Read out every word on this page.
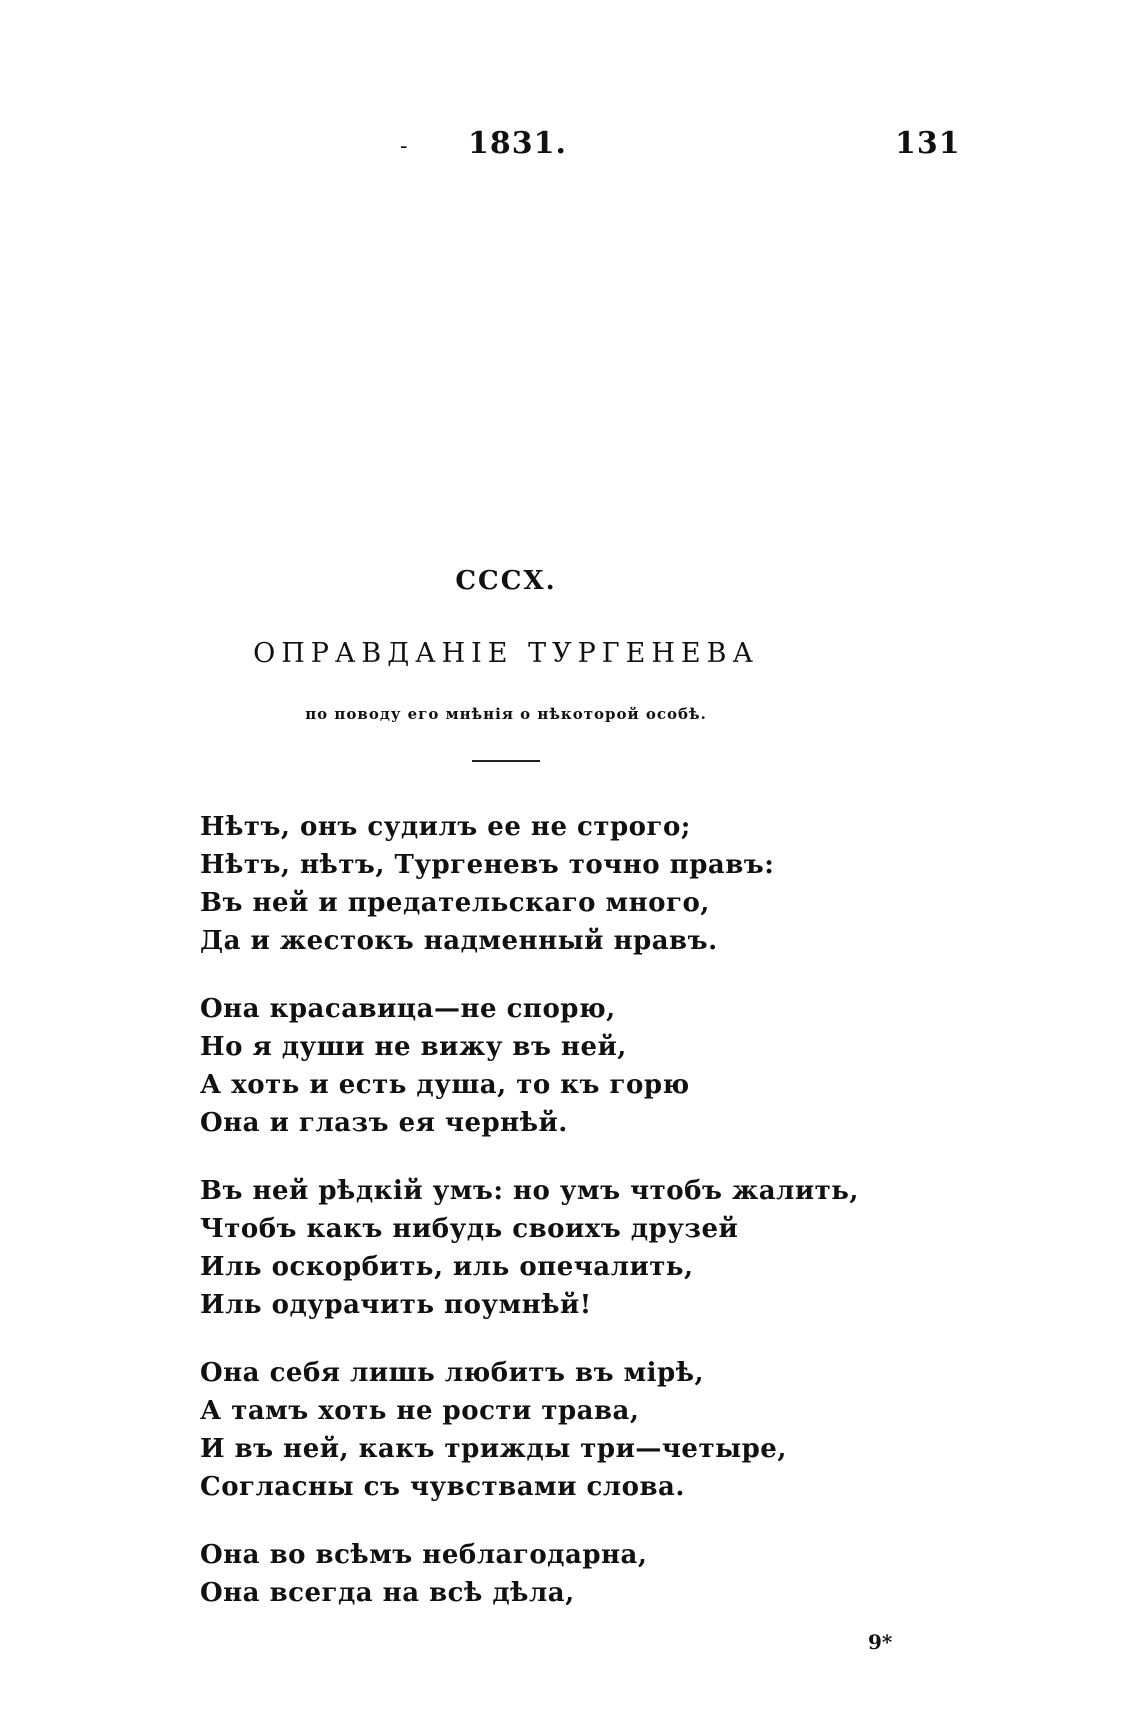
- 1831.	131
CCCX.
ОПРАВДАНІЕ ТУРГЕНЕВА
по поводу его мнѣнія о нѣкоторой особѣ.
Нѣтъ, онъ судилъ ее не строго;
Нѣтъ, нѣтъ, Тургеневъ точно правъ:
Въ ней и предательскаго много,
Да и жестокъ надменный нравъ.
Она красавица—не спорю,
Но я души не вижу въ ней,
А хоть и есть душа, то къ горю
Она и глазъ ея чернѣй.
Въ ней рѣдкій умъ: но умъ чтобъ жалить,
Чтобъ какъ нибудь своихъ друзей
Иль оскорбить, иль опечалить,
Иль одурачить поумнѣй!
Она себя лишь любитъ въ мірѣ,
А тамъ хоть не рости трава,
И въ ней, какъ трижды три—четыре,
Согласны съ чувствами слова.
Она во всѣмъ неблагодарна,
Она всегда на всѣ дѣла,
9*
